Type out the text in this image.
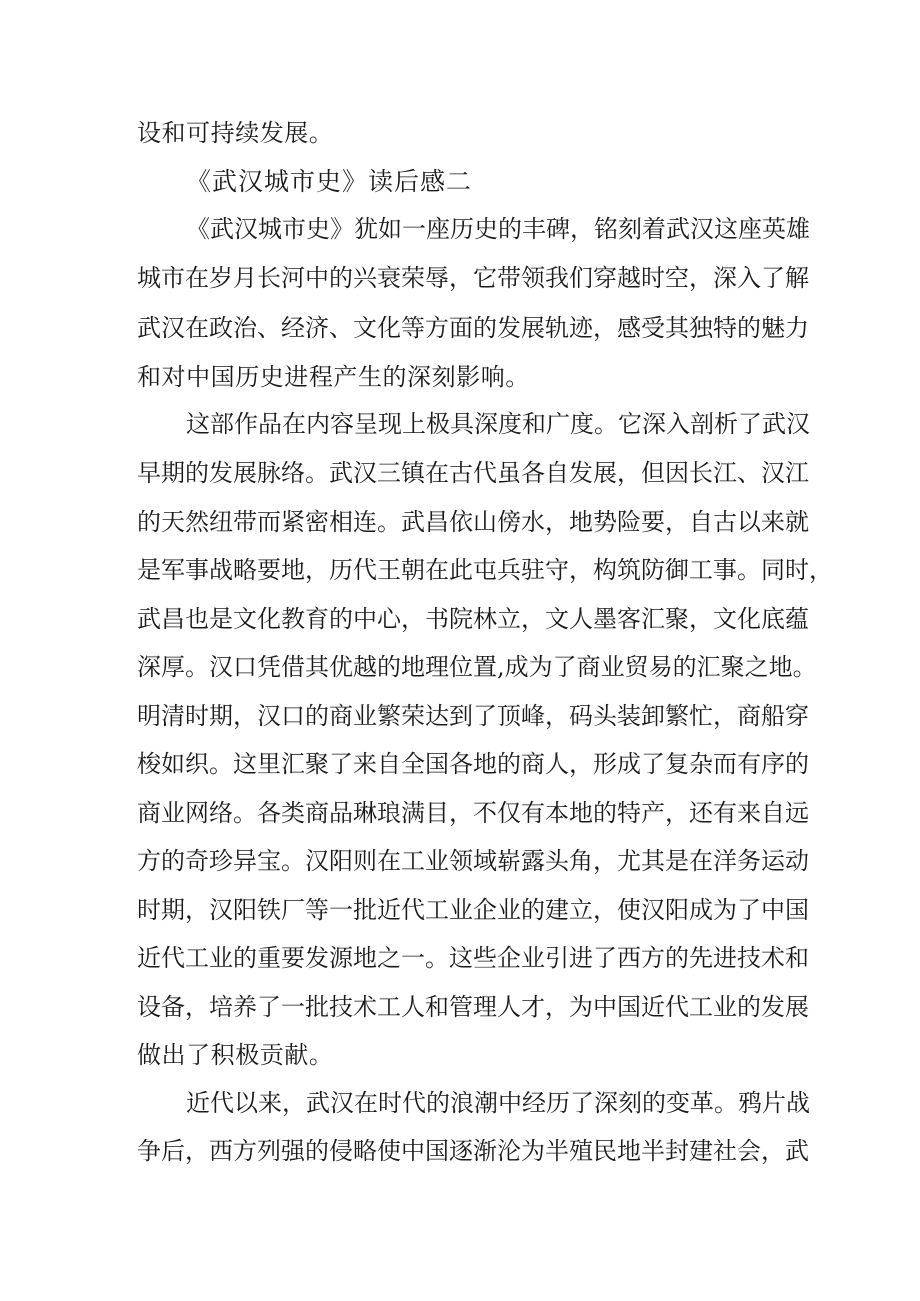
设和可持续发展。
《武汉城市史》读后感二
《武汉城市史》犹如一座历史的丰碑，铭刻着武汉这座英雄
城市在岁月长河中的兴衰荣辱，它带领我们穿越时空，深入了解
武汉在政治、经济、文化等方面的发展轨迹，感受其独特的魅力
和对中国历史进程产生的深刻影响。
这部作品在内容呈现上极具深度和广度。它深入剖析了武汉
早期的发展脉络。武汉三镇在古代虽各自发展，但因长江、汉江
的天然纽带而紧密相连。武昌依山傍水，地势险要，自古以来就
是军事战略要地，历代王朝在此屯兵驻守，构筑防御工事。同时，
武昌也是文化教育的中心，书院林立，文人墨客汇聚，文化底蕴
深厚。汉口凭借其优越的地理位置,成为了商业贸易的汇聚之地。
明清时期，汉口的商业繁荣达到了顶峰，码头装卸繁忙，商船穿
梭如织。这里汇聚了来自全国各地的商人，形成了复杂而有序的
商业网络。各类商品琳琅满目，不仅有本地的特产，还有来自远
方的奇珍异宝。汉阳则在工业领域崭露头角，尤其是在洋务运动
时期，汉阳铁厂等一批近代工业企业的建立，使汉阳成为了中国
近代工业的重要发源地之一。这些企业引进了西方的先进技术和
设备，培养了一批技术工人和管理人才，为中国近代工业的发展
做出了积极贡献。
近代以来，武汉在时代的浪潮中经历了深刻的变革。鸦片战
争后，西方列强的侵略使中国逐渐沦为半殖民地半封建社会，武
